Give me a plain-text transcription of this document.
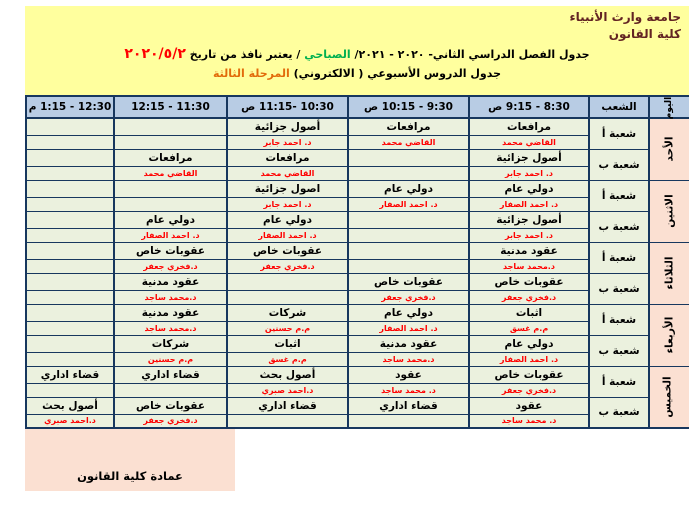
جامعة وارث الأنبياء
كلية القانون
جدول الفصل الدراسي الثاني- ٢٠٢٠ - ٢٠٢١/ الصباحي / يعتبر نافذ من تاريخ ٢٠٢٠/٥/٢
جدول الدروس الأسبوعي ( الالكتروني) المرحلة الثالثة
اليوم	الشعب	8:30 - 9:15 ص	9:30 - 10:15 ص	10:30 -11:15 ص	11:30 - 12:15	12:30 - 1:15 م
الأحد	شعبة أ	مرافعات	مرافعات	أصول جزائية		
		القاضي محمد	القاضي محمد	د. احمد جابر		
	شعبة ب	أصول جزائية		مرافعات	مرافعات	
		د. احمد جابر		القاضي محمد	القاضي محمد	
الاثنين	شعبة أ	دولي عام	دولي عام	اصول جزائية		
		د. احمد الصفار	د. احمد الصفار	د. احمد جابر		
	شعبة ب	أصول جزائية		دولي عام	دولي عام	
		د. احمد جابر		د. احمد الصفار	د. احمد الصفار	
الثلاثاء	شعبة أ	عقود مدنية		عقوبات خاص	عقوبات خاص	
		د.محمد ساجد		د.فخري جعفر	د.فخري جعفر	
	شعبة ب	عقوبات خاص	عقوبات خاص		عقود مدنية	
		د.فخري جعفر	د.فخري جعفر		د.محمد ساجد	
الأربعاء	شعبة أ	اثبات	دولي عام	شركات	عقود مدنية	
		م.م غسق	د. احمد الصفار	م.م حسنين	د.محمد ساجد	
	شعبة ب	دولي عام	عقود مدنية	اثبات	شركات	
		د. احمد الصفار	د.محمد ساجد	م.م غسق	م.م حسنين	
الخميس	شعبة أ	عقوبات خاص	عقود	أصول بحث	قضاء اداري	قضاء اداري
		د.فخري جعفر	د. محمد ساجد	د.احمد صبري		
	شعبة ب	عقود	قضاء اداري	قضاء اداري	عقوبات خاص	أصول بحث
		د. محمد ساجد			د.فخري جعفر	د.احمد صبري
عمادة كلية القانون
